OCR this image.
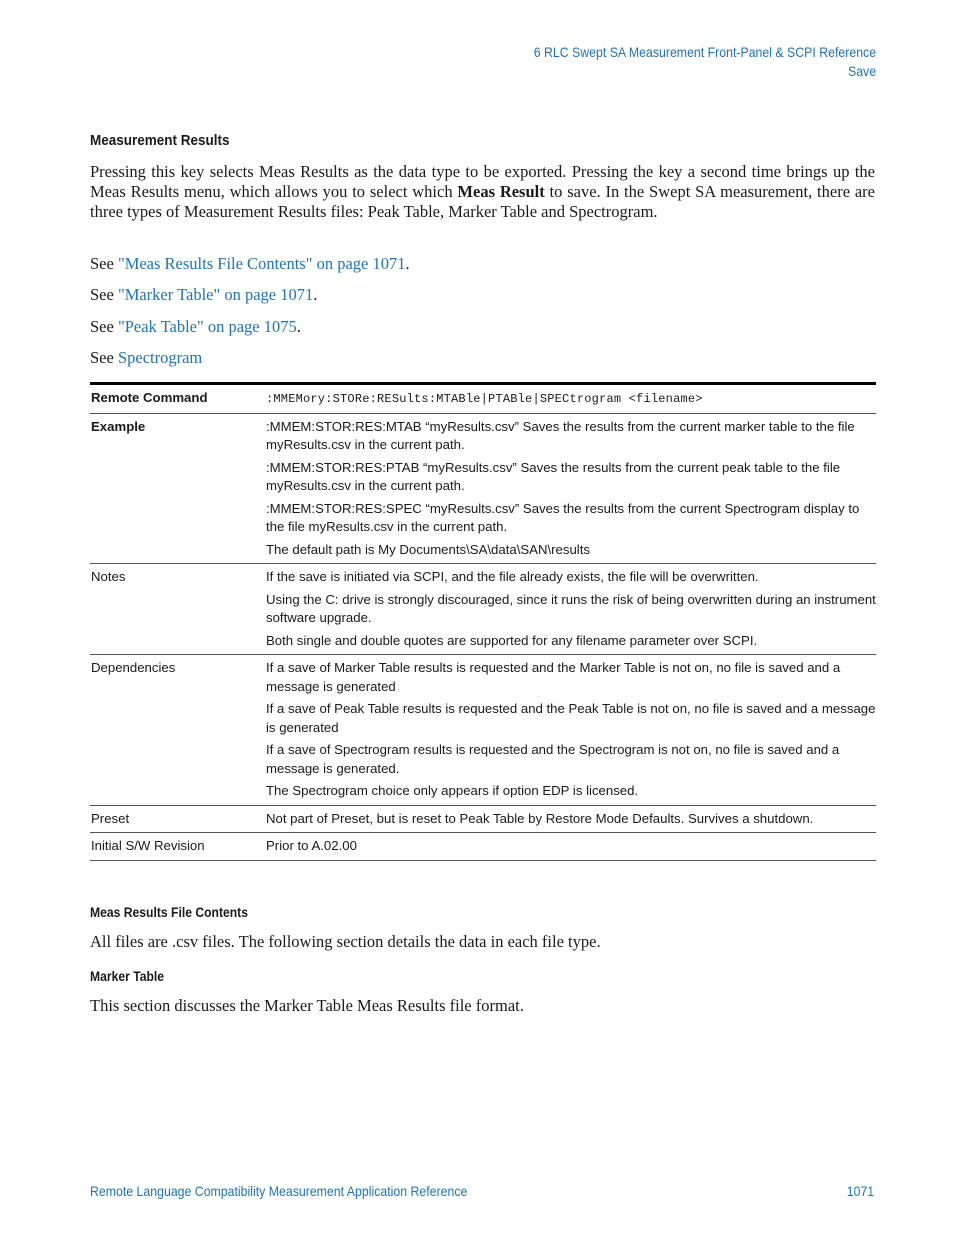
6 RLC Swept SA Measurement Front-Panel & SCPI Reference
Save
Measurement Results

Pressing this key selects Meas Results as the data type to be exported. Pressing the key a second time brings up the Meas Results menu, which allows you to select which Meas Result to save. In the Swept SA measurement, there are three types of Measurement Results files: Peak Table, Marker Table and Spectrogram.

See "Meas Results File Contents" on page 1071.

See "Marker Table" on page 1071.

See "Peak Table" on page 1075.

See Spectrogram

Remote Command	:MMEMory:STORe:RESults:MTABle|PTABle|SPECtrogram <filename>
Example	:MMEM:STOR:RES:MTAB “myResults.csv” Saves the results from the current marker table to the file myResults.csv in the current path.

:MMEM:STOR:RES:PTAB “myResults.csv” Saves the results from the current peak table to the file myResults.csv in the current path.

:MMEM:STOR:RES:SPEC “myResults.csv” Saves the results from the current Spectrogram display to the file myResults.csv in the current path.

The default path is My Documents\SA\data\SAN\results

Notes	If the save is initiated via SCPI, and the file already exists, the file will be overwritten.

Using the C: drive is strongly discouraged, since it runs the risk of being overwritten during an instrument software upgrade.

Both single and double quotes are supported for any filename parameter over SCPI.

Dependencies	If a save of Marker Table results is requested and the Marker Table is not on, no file is saved and a message is generated

If a save of Peak Table results is requested and the Peak Table is not on, no file is saved and a message is generated

If a save of Spectrogram results is requested and the Spectrogram is not on, no file is saved and a message is generated.

The Spectrogram choice only appears if option EDP is licensed.

Preset	Not part of Preset, but is reset to Peak Table by Restore Mode Defaults. Survives a shutdown.
Initial S/W Revision	Prior to A.02.00
Meas Results File Contents

All files are .csv files. The following section details the data in each file type.

Marker Table

This section discusses the Marker Table Meas Results file format.

Remote Language Compatibility Measurement Application Reference	1071
